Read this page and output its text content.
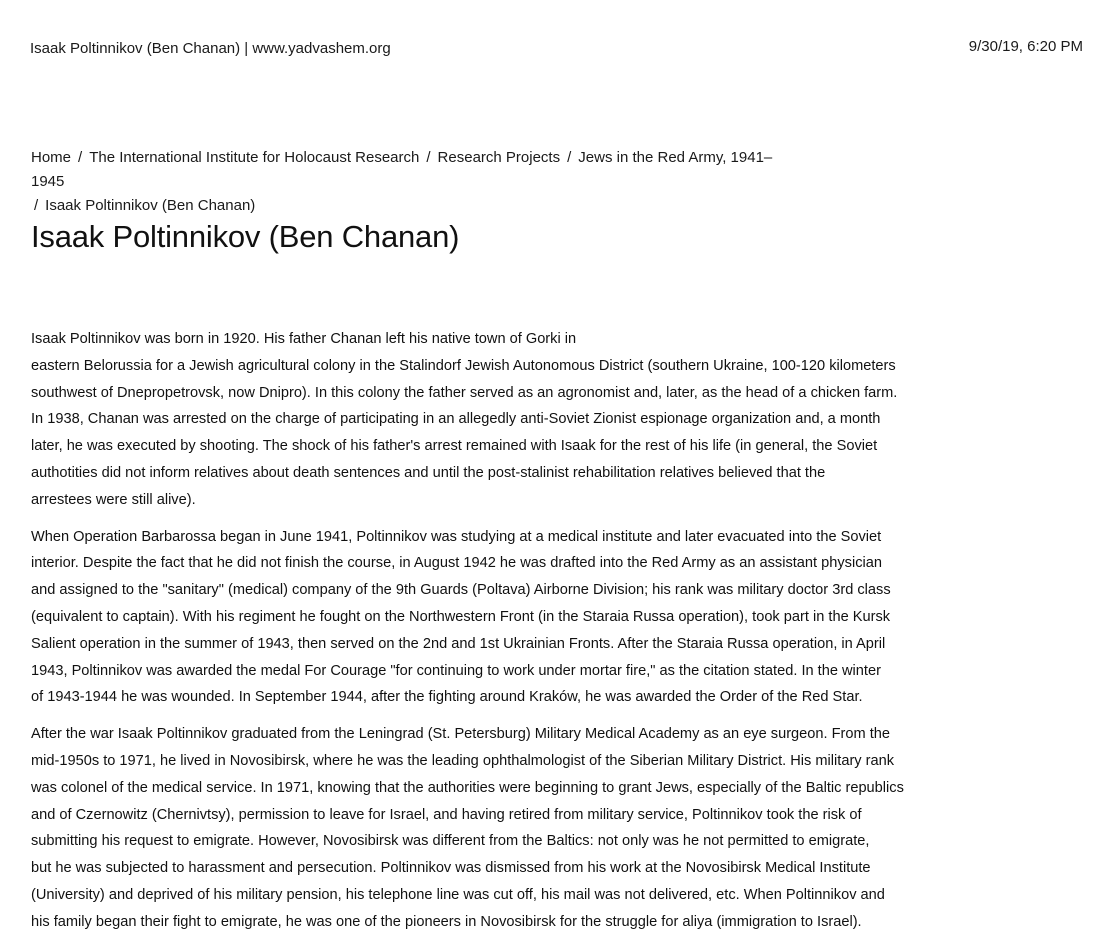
Isaak Poltinnikov (Ben Chanan) | www.yadvashem.org	9/30/19, 6:20 PM
Home / The International Institute for Holocaust Research / Research Projects / Jews in the Red Army, 1941–1945
/ Isaak Poltinnikov (Ben Chanan)
Isaak Poltinnikov (Ben Chanan)

Isaak Poltinnikov was born in 1920. His father Chanan left his native town of Gorki in
eastern Belorussia for a Jewish agricultural colony in the Stalindorf Jewish Autonomous District (southern Ukraine, 100-120 kilometers
southwest of Dnepropetrovsk, now Dnipro). In this colony the father served as an agronomist and, later, as the head of a chicken farm.
In 1938, Chanan was arrested on the charge of participating in an allegedly anti-Soviet Zionist espionage organization and, a month
later, he was executed by shooting. The shock of his father's arrest remained with Isaak for the rest of his life (in general, the Soviet
authotities did not inform relatives about death sentences and until the post-stalinist rehabilitation relatives believed that the
arrestees were still alive).

When Operation Barbarossa began in June 1941, Poltinnikov was studying at a medical institute and later evacuated into the Soviet
interior. Despite the fact that he did not finish the course, in August 1942 he was drafted into the Red Army as an assistant physician
and assigned to the "sanitary" (medical) company of the 9th Guards (Poltava) Airborne Division; his rank was military doctor 3rd class
(equivalent to captain). With his regiment he fought on the Northwestern Front (in the Staraia Russa operation), took part in the Kursk
Salient operation in the summer of 1943, then served on the 2nd and 1st Ukrainian Fronts. After the Staraia Russa operation, in April
1943, Poltinnikov was awarded the medal For Courage "for continuing to work under mortar fire," as the citation stated. In the winter
of 1943-1944 he was wounded. In September 1944, after the fighting around Kraków, he was awarded the Order of the Red Star.

After the war Isaak Poltinnikov graduated from the Leningrad (St. Petersburg) Military Medical Academy as an eye surgeon. From the
mid-1950s to 1971, he lived in Novosibirsk, where he was the leading ophthalmologist of the Siberian Military District. His military rank
was colonel of the medical service. In 1971, knowing that the authorities were beginning to grant Jews, especially of the Baltic republics
and of Czernowitz (Chernivtsy), permission to leave for Israel, and having retired from military service, Poltinnikov took the risk of
submitting his request to emigrate. However, Novosibirsk was different from the Baltics: not only was he not permitted to emigrate,
but he was subjected to harassment and persecution. Poltinnikov was dismissed from his work at the Novosibirsk Medical Institute
(University) and deprived of his military pension, his telephone line was cut off, his mail was not delivered, etc. When Poltinnikov and
his family began their fight to emigrate, he was one of the pioneers in Novosibirsk for the struggle for aliya (immigration to Israel).
